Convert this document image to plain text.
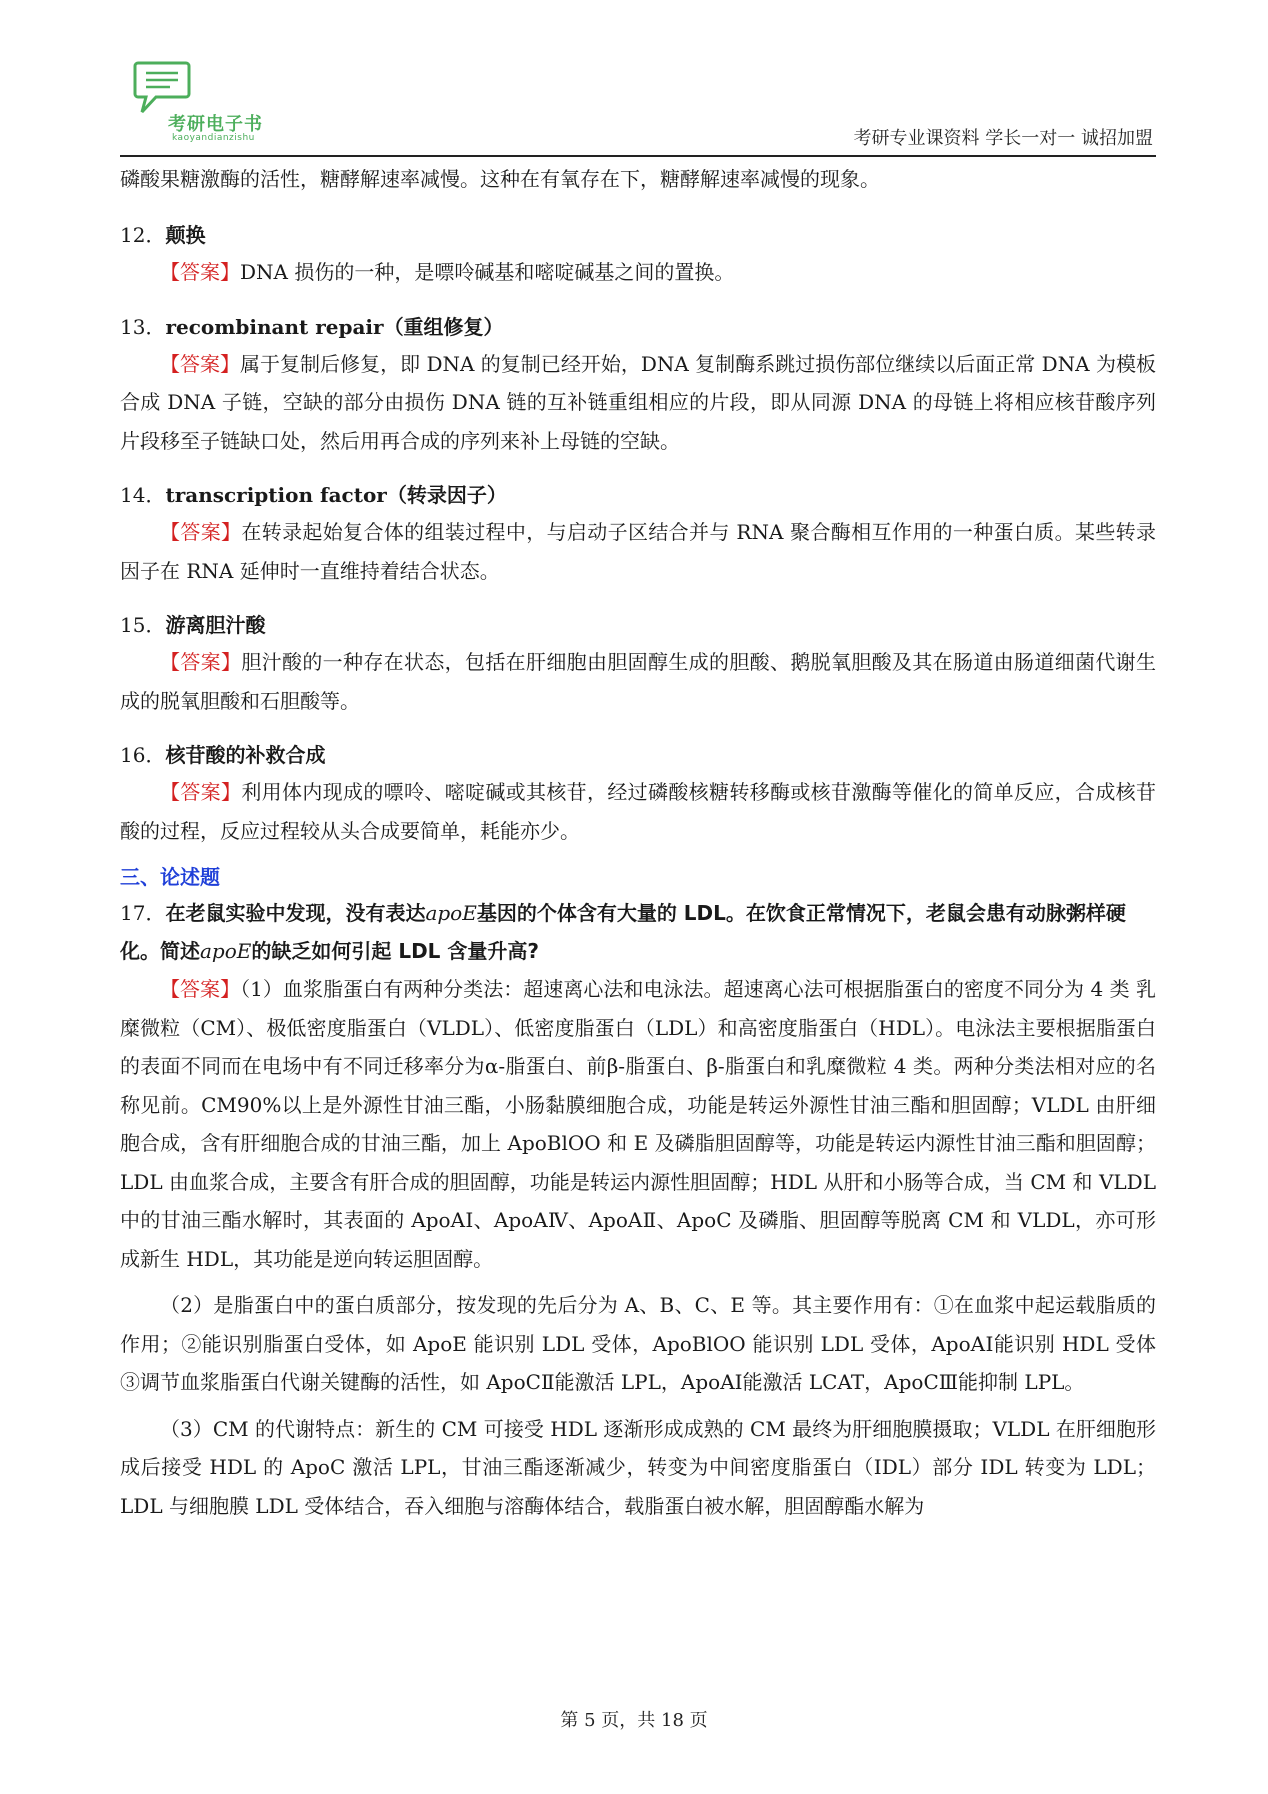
考研电子书
kaoyandianzishu	考研专业课资料 学长一对一 诚招加盟
磷酸果糖激酶的活性，糖酵解速率减慢。这种在有氧存在下，糖酵解速率减慢的现象。
12．颠换

【答案】DNA 损伤的一种，是嘌呤碱基和嘧啶碱基之间的置换。

13．recombinant repair（重组修复）

【答案】属于复制后修复，即 DNA 的复制已经开始，DNA 复制酶系跳过损伤部位继续以后面正常 DNA 为模板合成 DNA 子链，空缺的部分由损伤 DNA 链的互补链重组相应的片段，即从同源 DNA 的母链上将相应核苷酸序列片段移至子链缺口处，然后用再合成的序列来补上母链的空缺。

14．transcription factor（转录因子）

【答案】在转录起始复合体的组装过程中，与启动子区结合并与 RNA 聚合酶相互作用的一种蛋白质。某些转录因子在 RNA 延伸时一直维持着结合状态。

15．游离胆汁酸

【答案】胆汁酸的一种存在状态，包括在肝细胞由胆固醇生成的胆酸、鹅脱氧胆酸及其在肠道由肠道细菌代谢生成的脱氧胆酸和石胆酸等。

16．核苷酸的补救合成

【答案】利用体内现成的嘌呤、嘧啶碱或其核苷，经过磷酸核糖转移酶或核苷激酶等催化的简单反应，合成核苷酸的过程，反应过程较从头合成要简单，耗能亦少。

三、论述题

17．在老鼠实验中发现，没有表达apoE基因的个体含有大量的 LDL。在饮食正常情况下，老鼠会患有动脉粥样硬化。简述apoE的缺乏如何引起 LDL 含量升高?

【答案】（1）血浆脂蛋白有两种分类法：超速离心法和电泳法。超速离心法可根据脂蛋白的密度不同分为 4 类 乳糜微粒（CM）、极低密度脂蛋白（VLDL）、低密度脂蛋白（LDL）和高密度脂蛋白（HDL）。电泳法主要根据脂蛋白的表面不同而在电场中有不同迁移率分为α-脂蛋白、前β-脂蛋白、β-脂蛋白和乳糜微粒 4 类。两种分类法相对应的名称见前。CM90%以上是外源性甘油三酯，小肠黏膜细胞合成，功能是转运外源性甘油三酯和胆固醇；VLDL 由肝细胞合成，含有肝细胞合成的甘油三酯，加上 ApoBlOO 和 E 及磷脂胆固醇等，功能是转运内源性甘油三酯和胆固醇；LDL 由血浆合成，主要含有肝合成的胆固醇，功能是转运内源性胆固醇；HDL 从肝和小肠等合成，当 CM 和 VLDL 中的甘油三酯水解时，其表面的 ApoAⅠ、ApoAⅣ、ApoAⅡ、ApoC 及磷脂、胆固醇等脱离 CM 和 VLDL，亦可形成新生 HDL，其功能是逆向转运胆固醇。

（2）是脂蛋白中的蛋白质部分，按发现的先后分为 A、B、C、E 等。其主要作用有：①在血浆中起运载脂质的作用；②能识别脂蛋白受体，如 ApoE 能识别 LDL 受体，ApoBlOO 能识别 LDL 受体，ApoAⅠ能识别 HDL 受体 ③调节血浆脂蛋白代谢关键酶的活性，如 ApoCⅡ能激活 LPL，ApoAⅠ能激活 LCAT，ApoCⅢ能抑制 LPL。

（3）CM 的代谢特点：新生的 CM 可接受 HDL 逐渐形成成熟的 CM 最终为肝细胞膜摄取；VLDL 在肝细胞形成后接受 HDL 的 ApoC 激活 LPL，甘油三酯逐渐减少，转变为中间密度脂蛋白（IDL）部分 IDL 转变为 LDL；LDL 与细胞膜 LDL 受体结合，吞入细胞与溶酶体结合，载脂蛋白被水解，胆固醇酯水解为

第 5 页，共 18 页
